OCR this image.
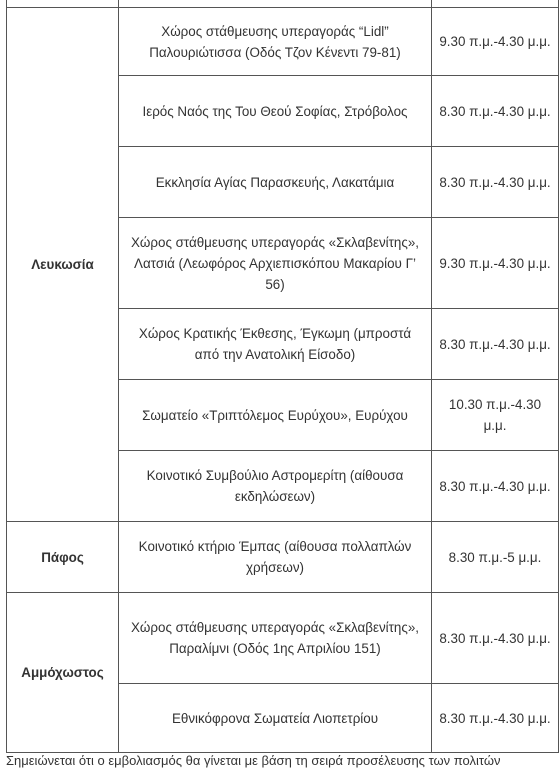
Λευκωσία	Χώρος στάθμευσης υπεραγοράς “Lidl” Παλουριώτισσα (Οδός Τζον Κένεντι 79-81)	9.30 π.μ.-4.30 μ.μ.
	Ιερός Ναός της Του Θεού Σοφίας, Στρόβολος	8.30 π.μ.-4.30 μ.μ.
	Εκκλησία Αγίας Παρασκευής, Λακατάμια	8.30 π.μ.-4.30 μ.μ.
	Χώρος στάθμευσης υπεραγοράς «Σκλαβενίτης», Λατσιά (Λεωφόρος Αρχιεπισκόπου Μακαρίου Γ’ 56)	9.30 π.μ.-4.30 μ.μ.
	Χώρος Κρατικής Έκθεσης, Έγκωμη (μπροστά από την Ανατολική Είσοδο)	8.30 π.μ.-4.30 μ.μ.
	Σωματείο «Τριπτόλεμος Ευρύχου», Ευρύχου	10.30 π.μ.-4.30 μ.μ.
	Κοινοτικό Συμβούλιο Αστρομερίτη (αίθουσα εκδηλώσεων)	8.30 π.μ.-4.30 μ.μ.
Πάφος	Κοινοτικό κτήριο Έμπας (αίθουσα πολλαπλών χρήσεων)	8.30 π.μ.-5 μ.μ.
Αμμόχωστος	Χώρος στάθμευσης υπεραγοράς «Σκλαβενίτης», Παραλίμνι (Οδός 1ης Απριλίου 151)	8.30 π.μ.-4.30 μ.μ.
	Εθνικόφρονα Σωματεία Λιοπετρίου	8.30 π.μ.-4.30 μ.μ.
Σημειώνεται ότι ο εμβολιασμός θα γίνεται με βάση τη σειρά προσέλευσης των πολιτών
